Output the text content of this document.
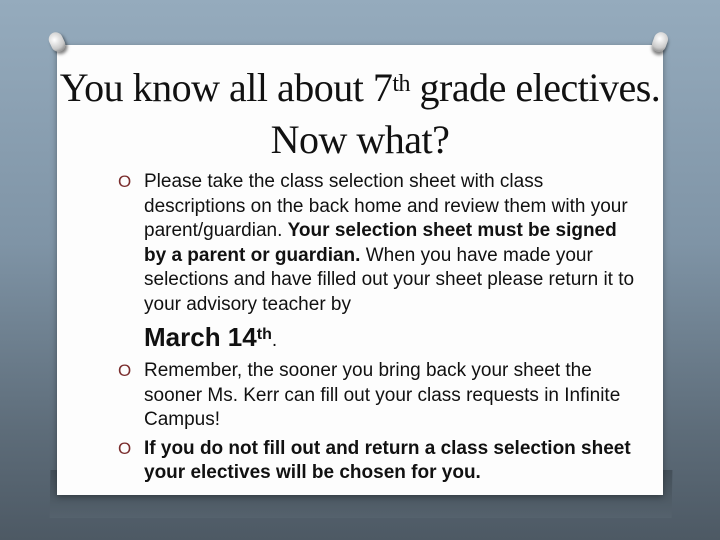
You know all about 7th grade electives. Now what?
O Please take the class selection sheet with class descriptions on the back home and review them with your parent/guardian. Your selection sheet must be signed by a parent or guardian. When you have made your selections and have filled out your sheet please return it to your advisory teacher by
March 14th.
O Remember, the sooner you bring back your sheet the sooner Ms. Kerr can fill out your class requests in Infinite Campus!
O If you do not fill out and return a class selection sheet your electives will be chosen for you.
